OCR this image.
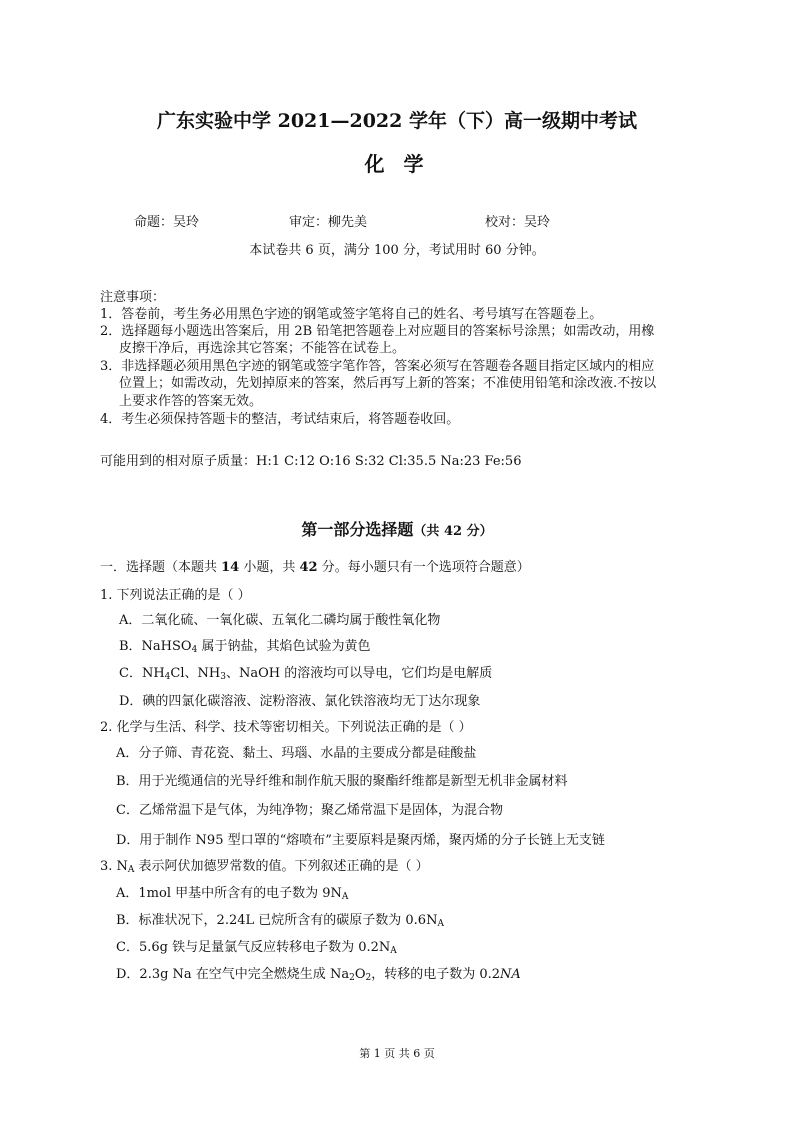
广东实验中学 2021—2022 学年（下）高一级期中考试
化 学
命题：吴玲	审定：柳先美	校对：吴玲
本试卷共 6 页，满分 100 分，考试用时 60 分钟。
注意事项：
1．答卷前，考生务必用黑色字迹的钢笔或签字笔将自己的姓名、考号填写在答题卷上。
2．选择题每小题选出答案后，用 2B 铅笔把答题卷上对应题目的答案标号涂黑；如需改动，用橡
皮擦干净后，再选涂其它答案；不能答在试卷上。
3．非选择题必须用黑色字迹的钢笔或签字笔作答，答案必须写在答题卷各题目指定区域内的相应
位置上；如需改动，先划掉原来的答案，然后再写上新的答案；不准使用铅笔和涂改液.不按以
上要求作答的答案无效。
4．考生必须保持答题卡的整洁，考试结束后，将答题卷收回。
可能用到的相对原子质量：H:1 C:12 O:16 S:32 Cl:35.5 Na:23 Fe:56
第一部分选择题（共 42 分）
一．选择题（本题共 14 小题，共 42 分。每小题只有一个选项符合题意）
1. 下列说法正确的是（ ）
A．二氧化硫、一氧化碳、五氧化二磷均属于酸性氧化物
B．NaHSO$_4$ 属于钠盐，其焰色试验为黄色
C．$NH_4Cl$、$NH_3$、NaOH 的溶液均可以导电，它们均是电解质
D．碘的四氯化碳溶液、淀粉溶液、氯化铁溶液均无丁达尔现象
2. 化学与生活、科学、技术等密切相关。下列说法正确的是（ ）
A．分子筛、青花瓷、黏土、玛瑙、水晶的主要成分都是硅酸盐
B．用于光缆通信的光导纤维和制作航天服的聚酯纤维都是新型无机非金属材料
C．乙烯常温下是气体，为纯净物；聚乙烯常温下是固体，为混合物
D．用于制作 N95 型口罩的“熔喷布”主要原料是聚丙烯，聚丙烯的分子长链上无支链
3. $N_A$ 表示阿伏加德罗常数的值。下列叙述正确的是（ ）
A．1mol 甲基中所含有的电子数为 $9N_A$
B．标准状况下，2.24L 已烷所含有的碳原子数为 $0.6N_A$
C．5.6g 铁与足量氯气反应转移电子数为 $0.2N_A$
D．2.3g Na 在空气中完全燃烧生成 $Na_2O_2$，转移的电子数为 0.2NA
第 1 页 共 6 页
